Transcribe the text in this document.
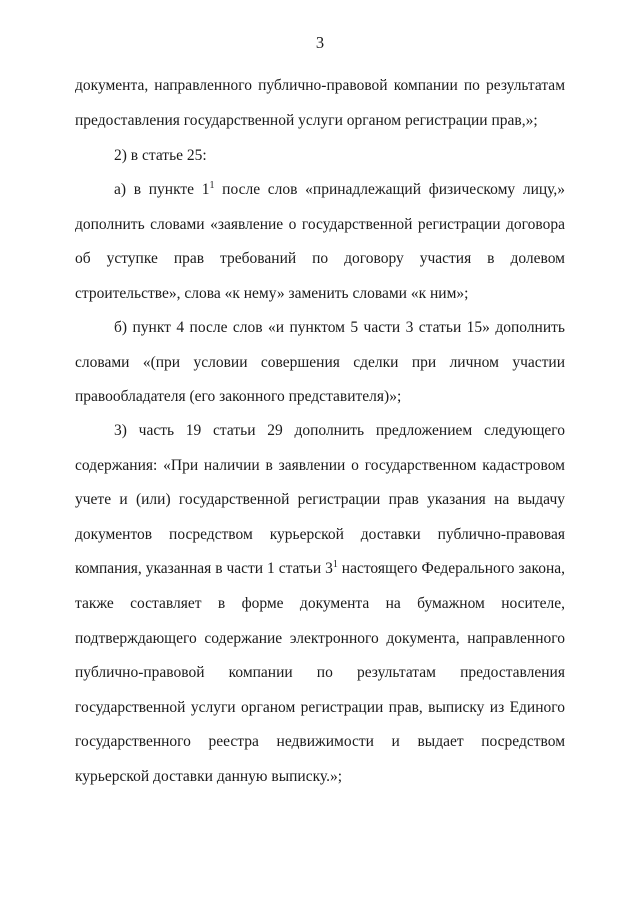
3

документа, направленного публично-правовой компании по результатам предоставления государственной услуги органом регистрации прав,»;

2) в статье 25:

а) в пункте $1^1$ после слов «принадлежащий физическому лицу,» дополнить словами «заявление о государственной регистрации договора об уступке прав требований по договору участия в долевом строительстве», слова «к нему» заменить словами «к ним»;

б) пункт 4 после слов «и пунктом 5 части 3 статьи 15» дополнить словами «(при условии совершения сделки при личном участии правообладателя (его законного представителя)»;

3) часть 19 статьи 29 дополнить предложением следующего содержания: «При наличии в заявлении о государственном кадастровом учете и (или) государственной регистрации прав указания на выдачу документов посредством курьерской доставки публично-правовая компания, указанная в части 1 статьи $3^1$ настоящего Федерального закона, также составляет в форме документа на бумажном носителе, подтверждающего содержание электронного документа, направленного публично-правовой компании по результатам предоставления государственной услуги органом регистрации прав, выписку из Единого государственного реестра недвижимости и выдает посредством курьерской доставки данную выписку.»;
